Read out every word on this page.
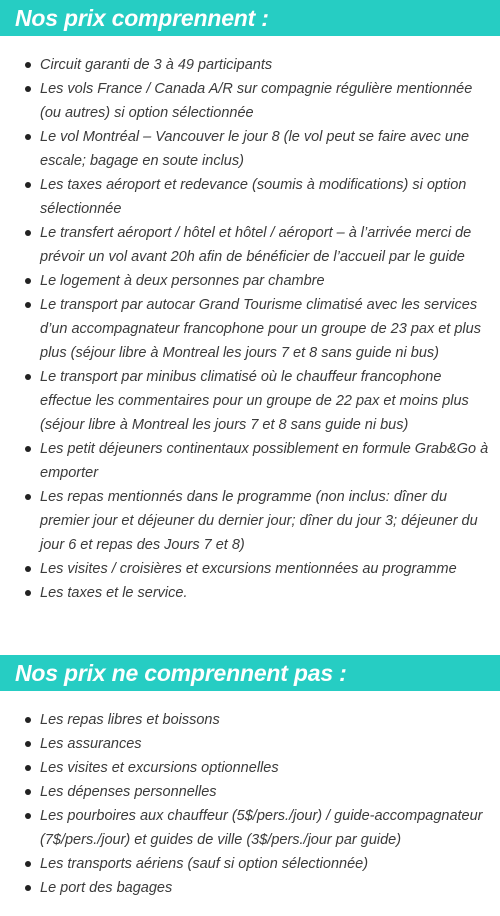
Nos prix comprennent :
Circuit garanti de 3 à 49 participants
Les vols France / Canada A/R sur compagnie régulière mentionnée (ou autres) si option sélectionnée
Le vol Montréal – Vancouver le jour 8 (le vol peut se faire avec une escale; bagage en soute inclus)
Les taxes aéroport et redevance (soumis à modifications) si option sélectionnée
Le transfert aéroport / hôtel et hôtel / aéroport – à l’arrivée merci de prévoir un vol avant 20h afin de bénéficier de l’accueil par le guide
Le logement à deux personnes par chambre
Le transport par autocar Grand Tourisme climatisé avec les services d’un accompagnateur francophone pour un groupe de 23 pax et plus plus (séjour libre à Montreal les jours 7 et 8 sans guide ni bus)
Le transport par minibus climatisé où le chauffeur francophone effectue les commentaires pour un groupe de 22 pax et moins plus (séjour libre à Montreal les jours 7 et 8 sans guide ni bus)
Les petit déjeuners continentaux possiblement en formule Grab&Go à emporter
Les repas mentionnés dans le programme (non inclus: dîner du premier jour et déjeuner du dernier jour; dîner du jour 3; déjeuner du jour 6 et repas des Jours 7 et 8)
Les visites / croisières et excursions mentionnées au programme
Les taxes et le service.
Nos prix ne comprennent pas :
Les repas libres et boissons
Les assurances
Les visites et excursions optionnelles
Les dépenses personnelles
Les pourboires aux chauffeur (5$/pers./jour) / guide-accompagnateur (7$/pers./jour) et guides de ville (3$/pers./jour par guide)
Les transports aériens (sauf si option sélectionnée)
Le port des bagages
